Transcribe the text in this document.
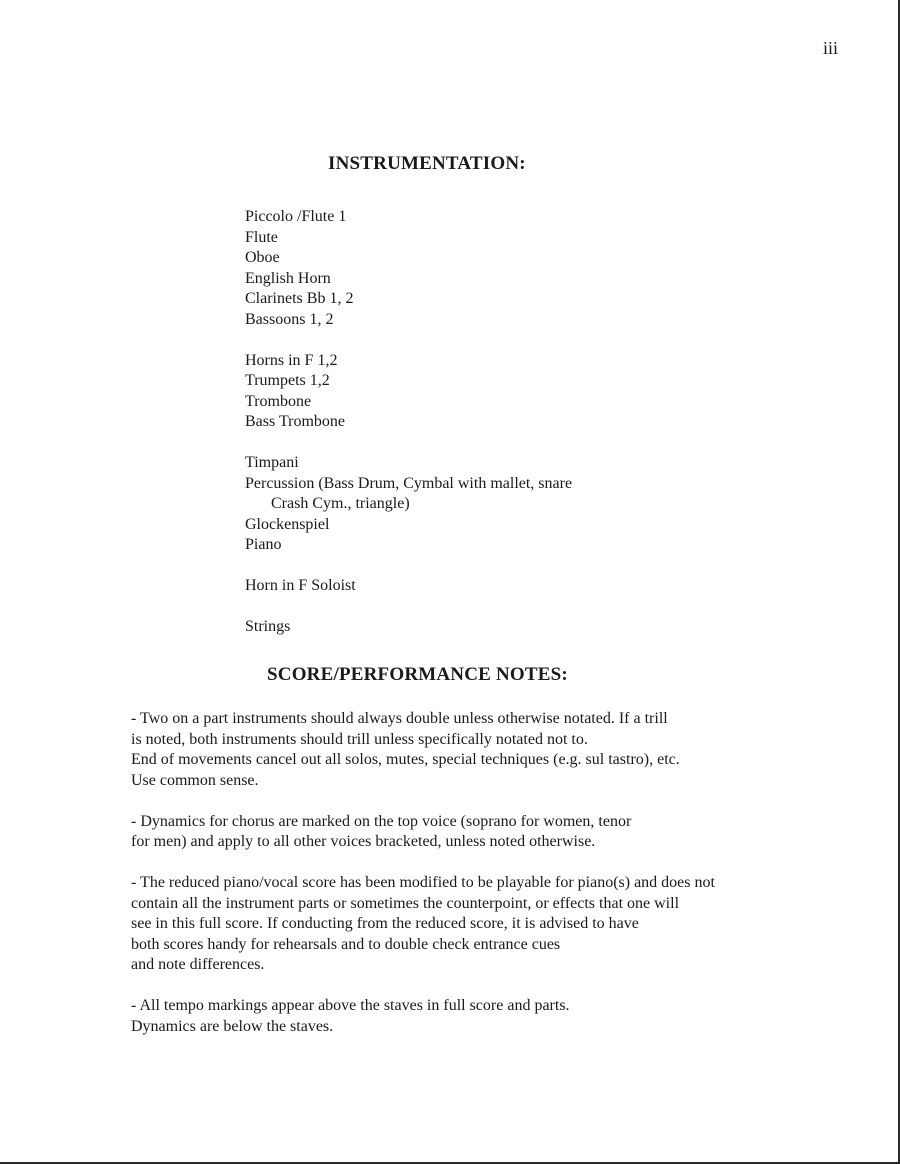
iii
INSTRUMENTATION:
Piccolo /Flute 1
Flute
Oboe
English Horn
Clarinets Bb 1, 2
Bassoons 1, 2
Horns in F 1,2
Trumpets 1,2
Trombone
Bass Trombone
Timpani
Percussion (Bass Drum, Cymbal with mallet, snare
Crash Cym., triangle)
Glockenspiel
Piano
Horn in F Soloist
Strings
SCORE/PERFORMANCE NOTES:

- Two on a part instruments should always double unless otherwise notated. If a trill
is noted, both instruments should trill unless specifically notated not to.
End of movements cancel out all solos, mutes, special techniques (e.g. sul tastro), etc.
Use common sense.

- Dynamics for chorus are marked on the top voice (soprano for women, tenor
for men) and apply to all other voices bracketed, unless noted otherwise.

- The reduced piano/vocal score has been modified to be playable for piano(s) and does not
contain all the instrument parts or sometimes the counterpoint, or effects that one will
see in this full score. If conducting from the reduced score, it is advised to have
both scores handy for rehearsals and to double check entrance cues
and note differences.

- All tempo markings appear above the staves in full score and parts.
Dynamics are below the staves.
